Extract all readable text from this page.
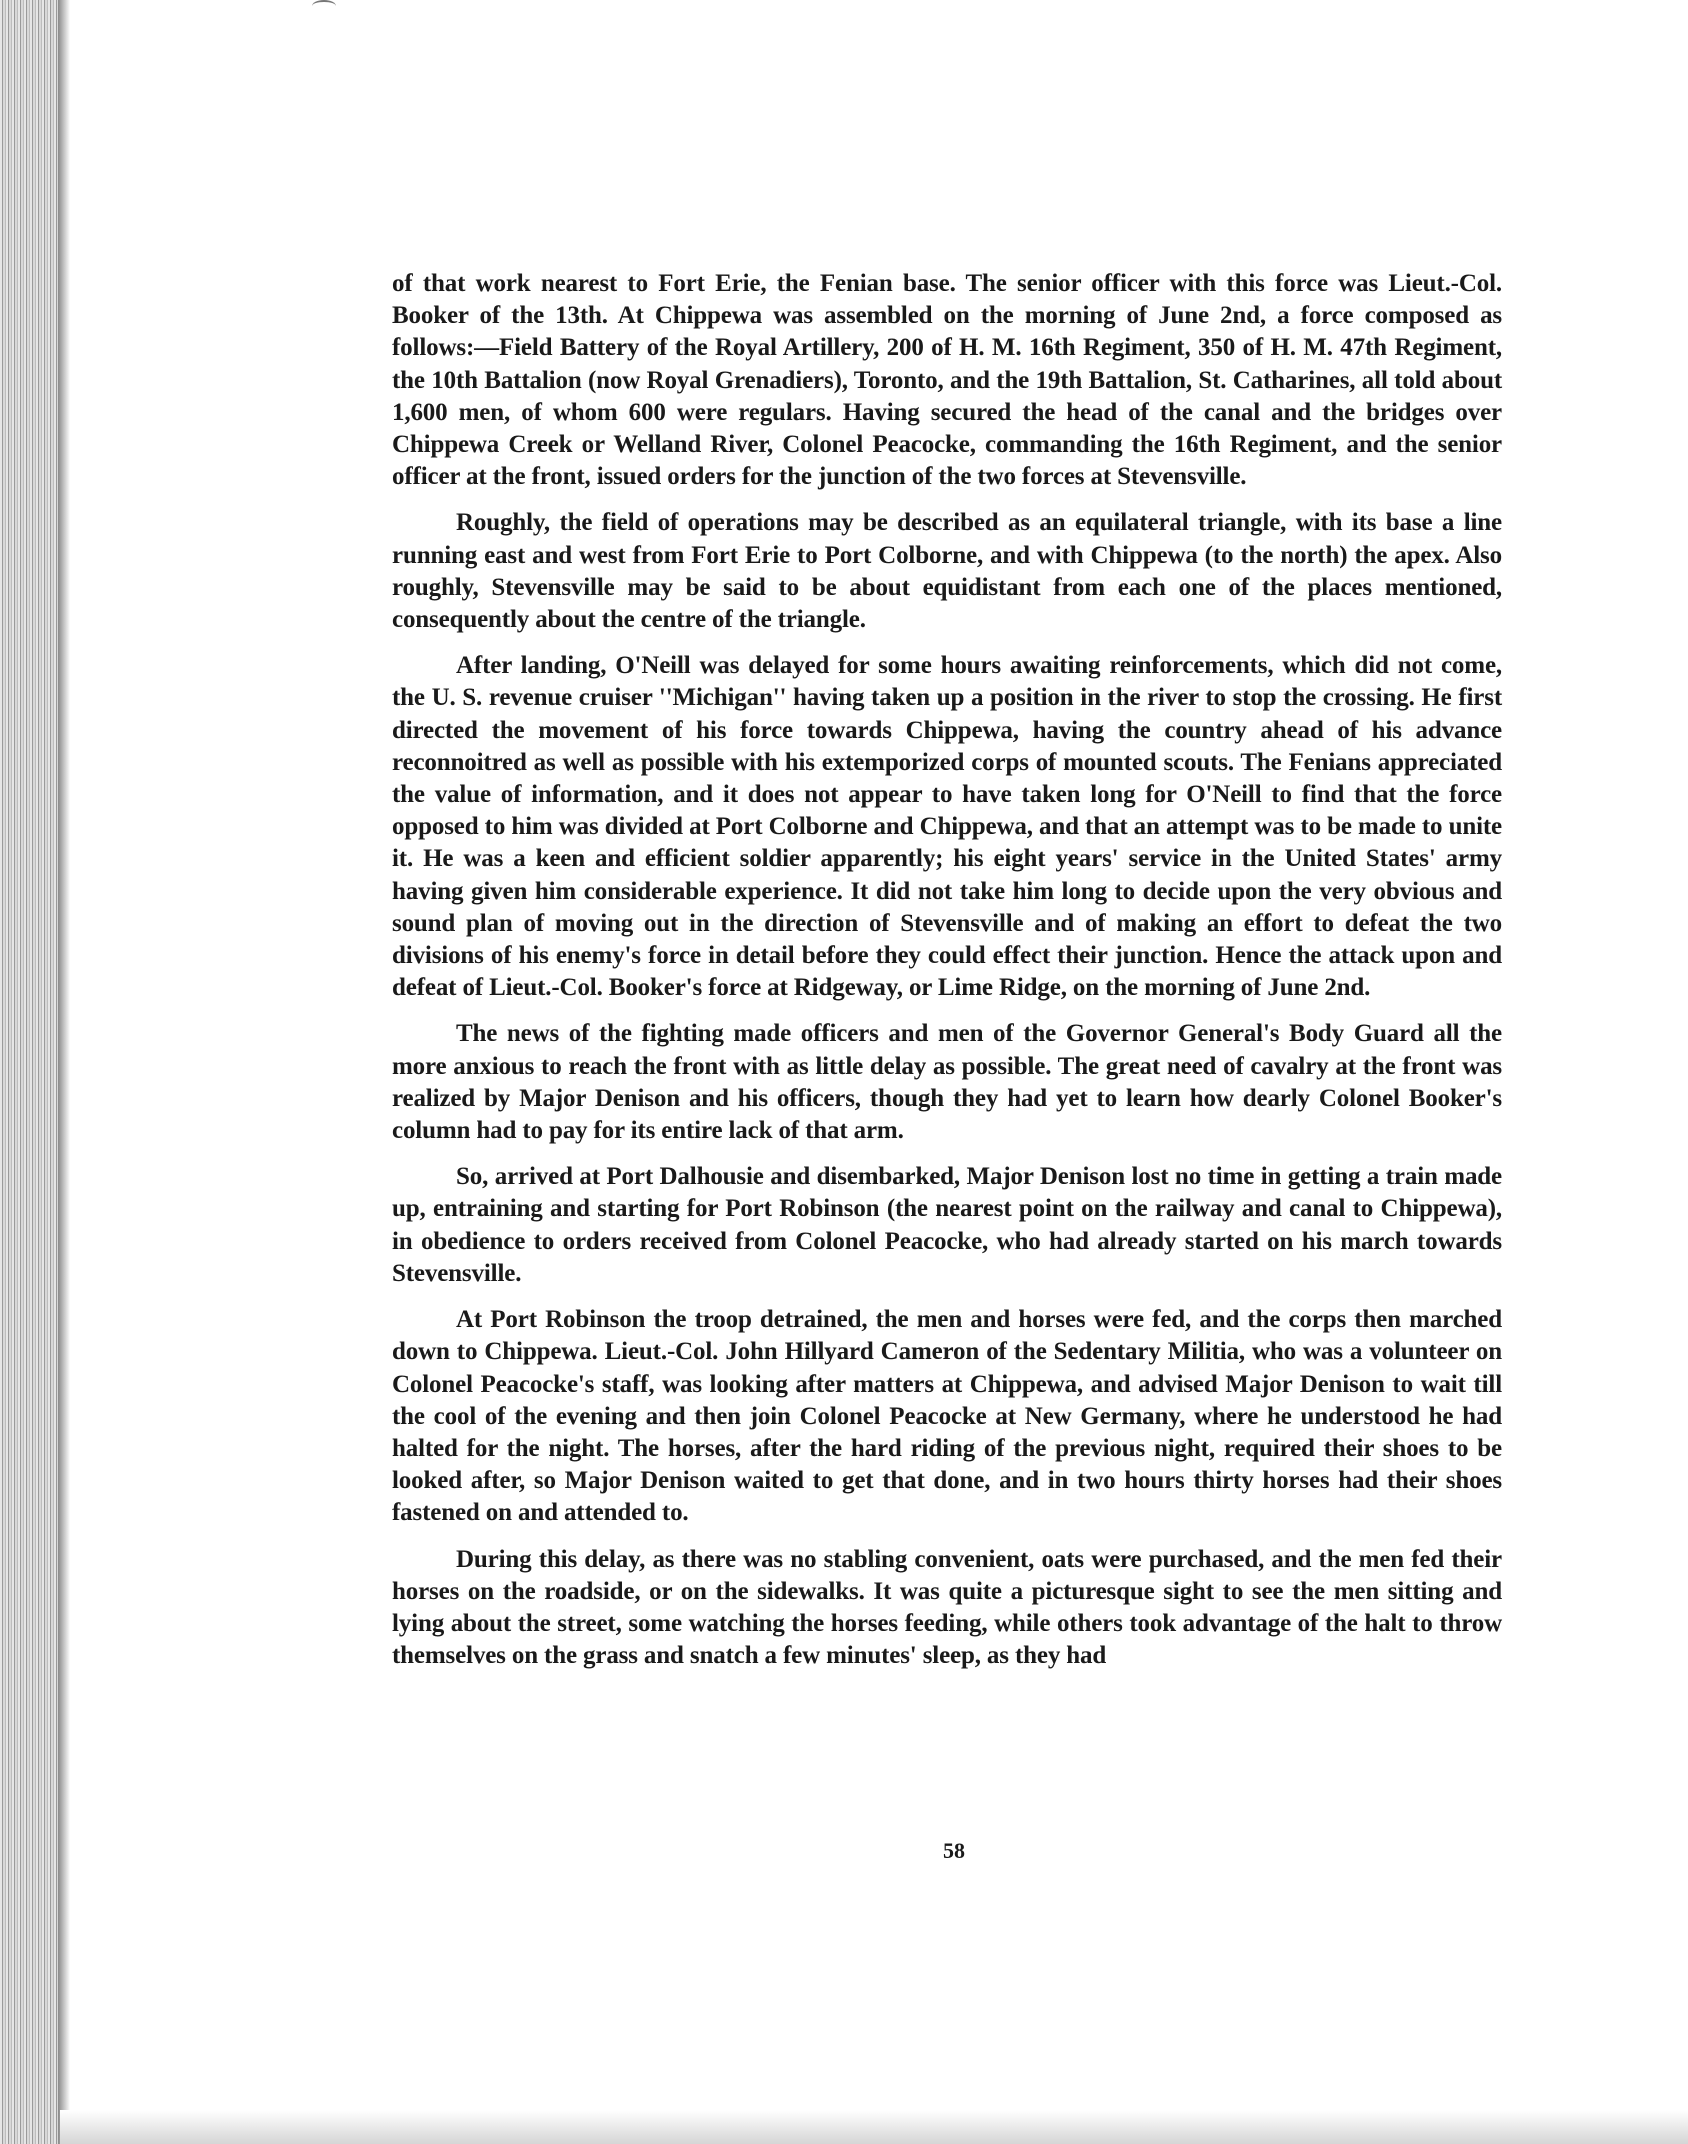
of that work nearest to Fort Erie, the Fenian base. The senior officer with this force was Lieut.-Col. Booker of the 13th. At Chippewa was assembled on the morning of June 2nd, a force composed as follows:—Field Battery of the Royal Artillery, 200 of H. M. 16th Regiment, 350 of H. M. 47th Regiment, the 10th Battalion (now Royal Grenadiers), Toronto, and the 19th Battalion, St. Catharines, all told about 1,600 men, of whom 600 were regulars. Having secured the head of the canal and the bridges over Chippewa Creek or Welland River, Colonel Peacocke, commanding the 16th Regiment, and the senior officer at the front, issued orders for the junction of the two forces at Stevensville.

Roughly, the field of operations may be described as an equilateral triangle, with its base a line running east and west from Fort Erie to Port Colborne, and with Chippewa (to the north) the apex. Also roughly, Stevensville may be said to be about equidistant from each one of the places mentioned, consequently about the centre of the triangle.

After landing, O'Neill was delayed for some hours awaiting reinforcements, which did not come, the U. S. revenue cruiser ''Michigan'' having taken up a position in the river to stop the crossing. He first directed the movement of his force towards Chippewa, having the country ahead of his advance reconnoitred as well as possible with his extemporized corps of mounted scouts. The Fenians appreciated the value of information, and it does not appear to have taken long for O'Neill to find that the force opposed to him was divided at Port Colborne and Chippewa, and that an attempt was to be made to unite it. He was a keen and efficient soldier apparently; his eight years' service in the United States' army having given him considerable experience. It did not take him long to decide upon the very obvious and sound plan of moving out in the direction of Stevensville and of making an effort to defeat the two divisions of his enemy's force in detail before they could effect their junction. Hence the attack upon and defeat of Lieut.-Col. Booker's force at Ridgeway, or Lime Ridge, on the morning of June 2nd.

The news of the fighting made officers and men of the Governor General's Body Guard all the more anxious to reach the front with as little delay as possible. The great need of cavalry at the front was realized by Major Denison and his officers, though they had yet to learn how dearly Colonel Booker's column had to pay for its entire lack of that arm.

So, arrived at Port Dalhousie and disembarked, Major Denison lost no time in getting a train made up, entraining and starting for Port Robinson (the nearest point on the railway and canal to Chippewa), in obedience to orders received from Colonel Peacocke, who had already started on his march towards Stevensville.

At Port Robinson the troop detrained, the men and horses were fed, and the corps then marched down to Chippewa. Lieut.-Col. John Hillyard Cameron of the Sedentary Militia, who was a volunteer on Colonel Peacocke's staff, was looking after matters at Chippewa, and advised Major Denison to wait till the cool of the evening and then join Colonel Peacocke at New Germany, where he understood he had halted for the night. The horses, after the hard riding of the previous night, required their shoes to be looked after, so Major Denison waited to get that done, and in two hours thirty horses had their shoes fastened on and attended to.

During this delay, as there was no stabling convenient, oats were purchased, and the men fed their horses on the roadside, or on the sidewalks. It was quite a picturesque sight to see the men sitting and lying about the street, some watching the horses feeding, while others took advantage of the halt to throw themselves on the grass and snatch a few minutes' sleep, as they had

58
